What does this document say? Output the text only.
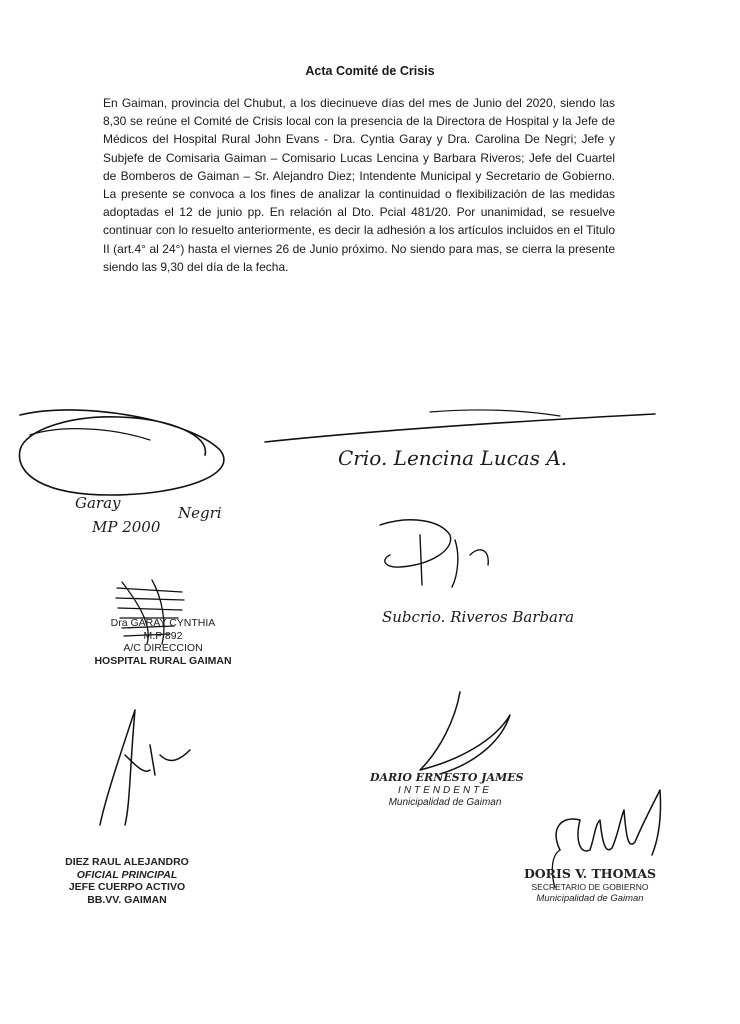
Acta Comité de Crisis
En Gaiman, provincia del Chubut, a los diecinueve días del mes de Junio del 2020, siendo las 8,30 se reúne el Comité de Crisis local con la presencia de la Directora de Hospital y la Jefe de Médicos del Hospital Rural John Evans - Dra. Cyntia Garay y Dra. Carolina De Negri; Jefe y Subjefe de Comisaria Gaiman – Comisario Lucas Lencina y Barbara Riveros; Jefe del Cuartel de Bomberos de Gaiman – Sr. Alejandro Diez; Intendente Municipal y Secretario de Gobierno. La presente se convoca a los fines de analizar la continuidad o flexibilización de las medidas adoptadas el 12 de junio pp. En relación al Dto. Pcial 481/20. Por unanimidad, se resuelve continuar con lo resuelto anteriormente, es decir la adhesión a los artículos incluidos en el Titulo II (art.4° al 24°) hasta el viernes 26 de Junio próximo. No siendo para mas, se cierra la presente siendo las 9,30 del día de la fecha.
Garay
MP 2000
Negri
Crio. Lencina Lucas A.
Dra GARAY CYNTHIA
M.P 892
A/C DIRECCION
HOSPITAL RURAL GAIMAN
Subcrio. Riveros Barbara
DARIO ERNESTO JAMES
INTENDENTE
Municipalidad de Gaiman
DIEZ RAUL ALEJANDRO
OFICIAL PRINCIPAL
JEFE CUERPO ACTIVO
BB.VV. GAIMAN
DORIS V. THOMAS
SECRETARIO DE GOBIERNO
Municipalidad de Gaiman
